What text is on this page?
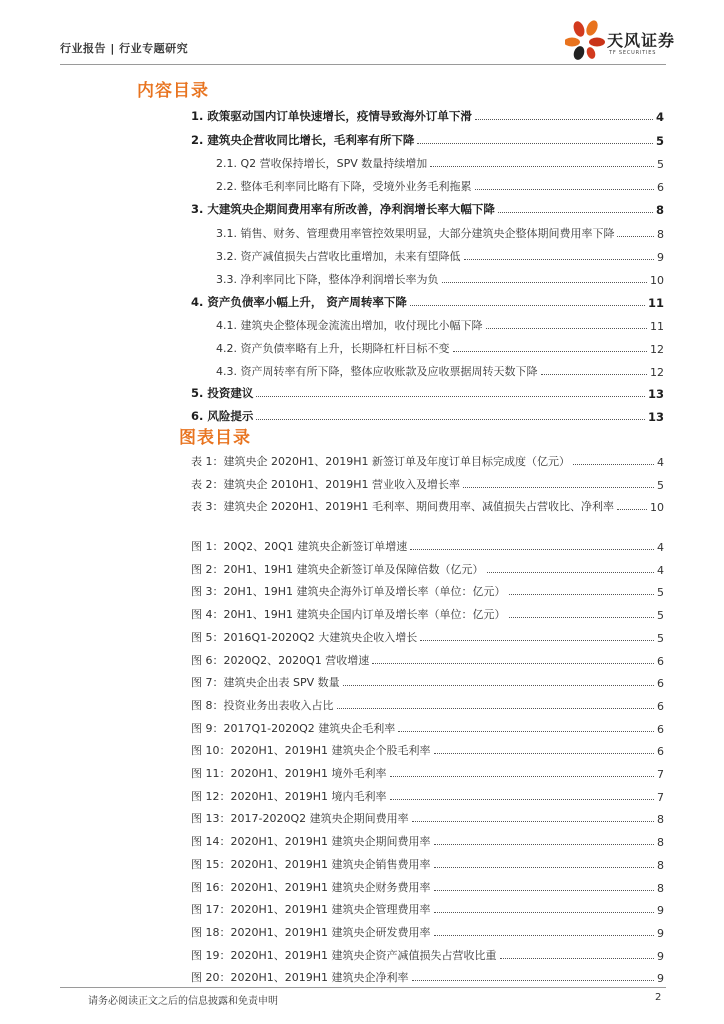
行业报告 | 行业专题研究	天风证券
TF SECURITIES
内容目录
1. 政策驱动国内订单快速增长，疫情导致海外订单下滑	4
2. 建筑央企营收同比增长，毛利率有所下降	5
2.1. Q2 营收保持增长，SPV 数量持续增加	5
2.2. 整体毛利率同比略有下降，受境外业务毛利拖累	6
3. 大建筑央企期间费用率有所改善，净利润增长率大幅下降	8
3.1. 销售、财务、管理费用率管控效果明显，大部分建筑央企整体期间费用率下降	8
3.2. 资产减值损失占营收比重增加，未来有望降低	9
3.3. 净利率同比下降，整体净利润增长率为负	10
4. 资产负债率小幅上升， 资产周转率下降	11
4.1. 建筑央企整体现金流流出增加，收付现比小幅下降	11
4.2. 资产负债率略有上升，长期降杠杆目标不变	12
4.3. 资产周转率有所下降，整体应收账款及应收票据周转天数下降	12
5. 投资建议	13
6. 风险提示	13
图表目录
表 1：建筑央企 2020H1、2019H1 新签订单及年度订单目标完成度（亿元）	4
表 2：建筑央企 2010H1、2019H1 营业收入及增长率	5
表 3：建筑央企 2020H1、2019H1 毛利率、期间费用率、减值损失占营收比、净利率	10
图 1：20Q2、20Q1 建筑央企新签订单增速	4
图 2：20H1、19H1 建筑央企新签订单及保障倍数（亿元）	4
图 3：20H1、19H1 建筑央企海外订单及增长率（单位：亿元）	5
图 4：20H1、19H1 建筑央企国内订单及增长率（单位：亿元）	5
图 5：2016Q1-2020Q2 大建筑央企收入增长	5
图 6：2020Q2、2020Q1 营收增速	6
图 7：建筑央企出表 SPV 数量	6
图 8：投资业务出表收入占比	6
图 9：2017Q1-2020Q2 建筑央企毛利率	6
图 10：2020H1、2019H1 建筑央企个股毛利率	6
图 11：2020H1、2019H1 境外毛利率	7
图 12：2020H1、2019H1 境内毛利率	7
图 13：2017-2020Q2 建筑央企期间费用率	8
图 14：2020H1、2019H1 建筑央企期间费用率	8
图 15：2020H1、2019H1 建筑央企销售费用率	8
图 16：2020H1、2019H1 建筑央企财务费用率	8
图 17：2020H1、2019H1 建筑央企管理费用率	9
图 18：2020H1、2019H1 建筑央企研发费用率	9
图 19：2020H1、2019H1 建筑央企资产减值损失占营收比重	9
图 20：2020H1、2019H1 建筑央企净利率	9
请务必阅读正文之后的信息披露和免责申明	2
